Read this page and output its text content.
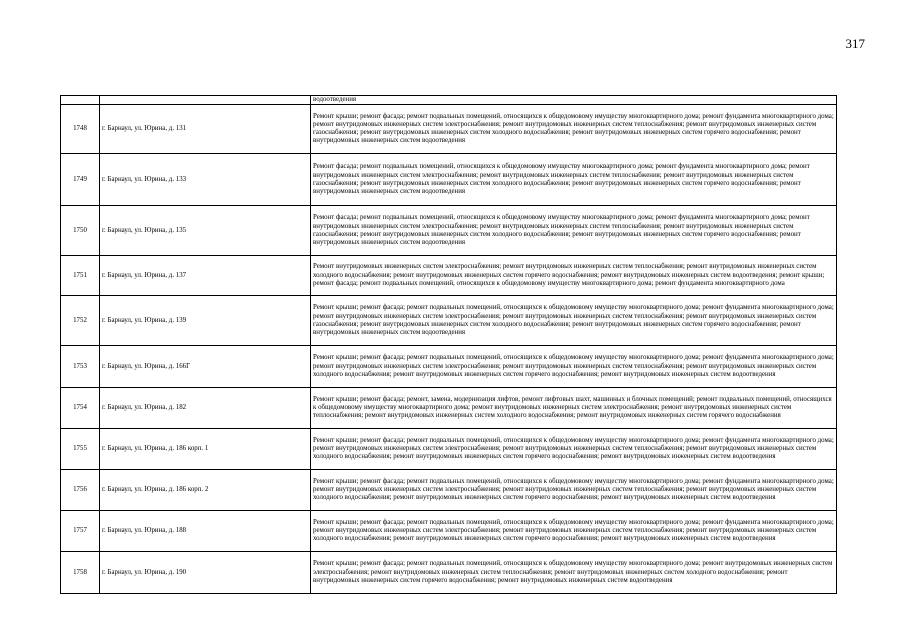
317
		водоотведения
1748	г. Барнаул, ул. Юрина, д. 131	Ремонт крыши; ремонт фасада; ремонт подвальных помещений, относящихся к общедомовому имуществу многоквартирного дома; ремонт фундамента многоквартирного дома; ремонт внутридомовых инженерных систем электроснабжения; ремонт внутридомовых инженерных систем теплоснабжения; ремонт внутридомовых инженерных систем газоснабжения; ремонт внутридомовых инженерных систем холодного водоснабжения; ремонт внутридомовых инженерных систем горячего водоснабжения; ремонт внутридомовых инженерных систем водоотведения
1749	г. Барнаул, ул. Юрина, д. 133	Ремонт фасада; ремонт подвальных помещений, относящихся к общедомовому имуществу многоквартирного дома; ремонт фундамента многоквартирного дома; ремонт внутридомовых инженерных систем электроснабжения; ремонт внутридомовых инженерных систем теплоснабжения; ремонт внутридомовых инженерных систем газоснабжения; ремонт внутридомовых инженерных систем холодного водоснабжения; ремонт внутридомовых инженерных систем горячего водоснабжения; ремонт внутридомовых инженерных систем водоотведения
1750	г. Барнаул, ул. Юрина, д. 135	Ремонт фасада; ремонт подвальных помещений, относящихся к общедомовому имуществу многоквартирного дома; ремонт фундамента многоквартирного дома; ремонт внутридомовых инженерных систем электроснабжения; ремонт внутридомовых инженерных систем теплоснабжения; ремонт внутридомовых инженерных систем газоснабжения; ремонт внутридомовых инженерных систем холодного водоснабжения; ремонт внутридомовых инженерных систем горячего водоснабжения; ремонт внутридомовых инженерных систем водоотведения
1751	г. Барнаул, ул. Юрина, д. 137	Ремонт внутридомовых инженерных систем электроснабжения; ремонт внутридомовых инженерных систем теплоснабжения; ремонт внутридомовых инженерных систем холодного водоснабжения; ремонт внутридомовых инженерных систем горячего водоснабжения; ремонт внутридомовых инженерных систем водоотведения; ремонт крыши; ремонт фасада; ремонт подвальных помещений, относящихся к общедомовому имуществу многоквартирного дома; ремонт фундамента многоквартирного дома
1752	г. Барнаул, ул. Юрина, д. 139	Ремонт крыши; ремонт фасада; ремонт подвальных помещений, относящихся к общедомовому имуществу многоквартирного дома; ремонт фундамента многоквартирного дома; ремонт внутридомовых инженерных систем электроснабжения; ремонт внутридомовых инженерных систем теплоснабжения; ремонт внутридомовых инженерных систем газоснабжения; ремонт внутридомовых инженерных систем холодного водоснабжения; ремонт внутридомовых инженерных систем горячего водоснабжения; ремонт внутридомовых инженерных систем водоотведения
1753	г. Барнаул, ул. Юрина, д. 166Г	Ремонт крыши; ремонт фасада; ремонт подвальных помещений, относящихся к общедомовому имуществу многоквартирного дома; ремонт фундамента многоквартирного дома; ремонт внутридомовых инженерных систем электроснабжения; ремонт внутридомовых инженерных систем теплоснабжения; ремонт внутридомовых инженерных систем холодного водоснабжения; ремонт внутридомовых инженерных систем горячего водоснабжения; ремонт внутридомовых инженерных систем водоотведения
1754	г. Барнаул, ул. Юрина, д. 182	Ремонт крыши; ремонт фасада; ремонт, замена, модернизация лифтов, ремонт лифтовых шахт, машинных и блочных помещений; ремонт подвальных помещений, относящихся к общедомовому имуществу многоквартирного дома; ремонт внутридомовых инженерных систем электроснабжения; ремонт внутридомовых инженерных систем теплоснабжения; ремонт внутридомовых инженерных систем холодного водоснабжения; ремонт внутридомовых инженерных систем горячего водоснабжения
1755	г. Барнаул, ул. Юрина, д. 186 корп. 1	Ремонт крыши; ремонт фасада; ремонт подвальных помещений, относящихся к общедомовому имуществу многоквартирного дома; ремонт фундамента многоквартирного дома; ремонт внутридомовых инженерных систем электроснабжения; ремонт внутридомовых инженерных систем теплоснабжения; ремонт внутридомовых инженерных систем холодного водоснабжения; ремонт внутридомовых инженерных систем горячего водоснабжения; ремонт внутридомовых инженерных систем водоотведения
1756	г. Барнаул, ул. Юрина, д. 186 корп. 2	Ремонт крыши; ремонт фасада; ремонт подвальных помещений, относящихся к общедомовому имуществу многоквартирного дома; ремонт фундамента многоквартирного дома; ремонт внутридомовых инженерных систем электроснабжения; ремонт внутридомовых инженерных систем теплоснабжения; ремонт внутридомовых инженерных систем холодного водоснабжения; ремонт внутридомовых инженерных систем горячего водоснабжения; ремонт внутридомовых инженерных систем водоотведения
1757	г. Барнаул, ул. Юрина, д. 188	Ремонт крыши; ремонт фасада; ремонт подвальных помещений, относящихся к общедомовому имуществу многоквартирного дома; ремонт фундамента многоквартирного дома; ремонт внутридомовых инженерных систем электроснабжения; ремонт внутридомовых инженерных систем теплоснабжения; ремонт внутридомовых инженерных систем холодного водоснабжения; ремонт внутридомовых инженерных систем горячего водоснабжения; ремонт внутридомовых инженерных систем водоотведения
1758	г. Барнаул, ул. Юрина, д. 190	Ремонт крыши; ремонт фасада; ремонт подвальных помещений, относящихся к общедомовому имуществу многоквартирного дома; ремонт внутридомовых инженерных систем электроснабжения; ремонт внутридомовых инженерных систем теплоснабжения; ремонт внутридомовых инженерных систем холодного водоснабжения; ремонт внутридомовых инженерных систем горячего водоснабжения; ремонт внутридомовых инженерных систем водоотведения
